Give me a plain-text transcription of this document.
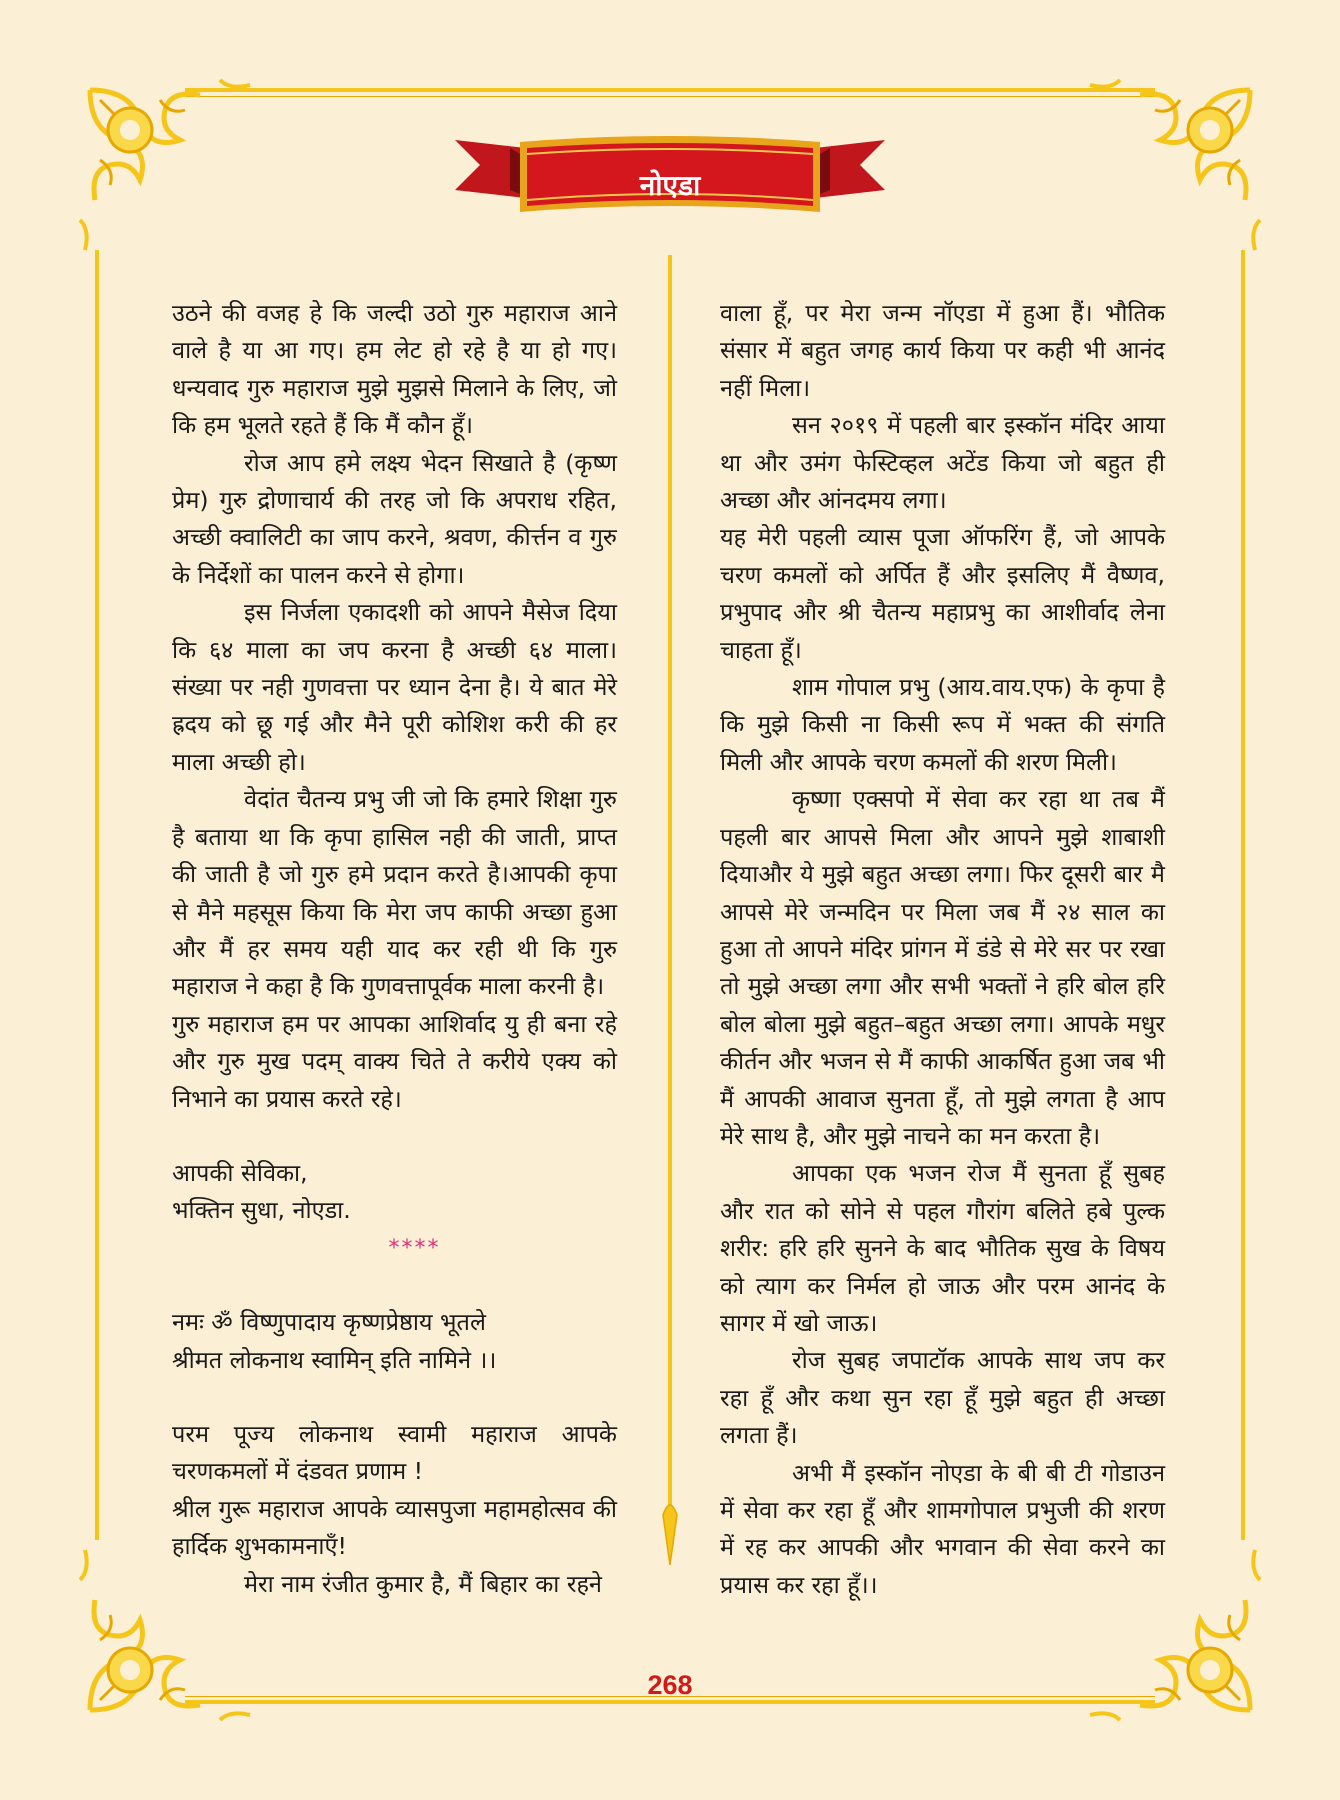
नोएडा

उठने की वजह हे कि जल्दी उठो गुरु महाराज आने वाले है या आ गए। हम लेट हो रहे है या हो गए। धन्यवाद गुरु महाराज मुझे मुझसे मिलाने के लिए, जो कि हम भूलते रहते हैं कि मैं कौन हूँ।

रोज आप हमे लक्ष्य भेदन सिखाते है (कृष्ण प्रेम) गुरु द्रोणाचार्य की तरह जो कि अपराध रहित, अच्छी क्वालिटी का जाप करने, श्रवण, कीर्त्तन व गुरु के निर्देशों का पालन करने से होगा।

इस निर्जला एकादशी को आपने मैसेज दिया कि ६४ माला का जप करना है अच्छी ६४ माला। संख्या पर नही गुणवत्ता पर ध्यान देना है। ये बात मेरे ह्रदय को छू गई और मैने पूरी कोशिश करी की हर माला अच्छी हो।

वेदांत चैतन्य प्रभु जी जो कि हमारे शिक्षा गुरु है बताया था कि कृपा हासिल नही की जाती, प्राप्त की जाती है जो गुरु हमे प्रदान करते है।आपकी कृपा से मैने महसूस किया कि मेरा जप काफी अच्छा हुआ और मैं हर समय यही याद कर रही थी कि गुरु महाराज ने कहा है कि गुणवत्तापूर्वक माला करनी है।

गुरु महाराज हम पर आपका आशिर्वाद यु ही बना रहे और गुरु मुख पदम् वाक्य चिते ते करीये एक्य को निभाने का प्रयास करते रहे।

आपकी सेविका,

भक्तिन सुधा, नोएडा.

****

नमः ॐ विष्णुपादाय कृष्णप्रेष्ठाय भूतले

श्रीमत लोकनाथ स्वामिन् इति नामिने ।।

परम पूज्य लोकनाथ स्वामी महाराज आपके चरणकमलों में दंडवत प्रणाम !

श्रील गुरू महाराज आपके व्यासपुजा महामहोत्सव की हार्दिक शुभकामनाएँ!

मेरा नाम रंजीत कुमार है, मैं बिहार का रहने

वाला हूँ, पर मेरा जन्म नॉएडा में हुआ हैं। भौतिक संसार में बहुत जगह कार्य किया पर कही भी आनंद नहीं मिला।

सन २०१९ में पहली बार इस्कॉन मंदिर आया था और उमंग फेस्टिव्हल अटेंड किया जो बहुत ही अच्छा और आंनदमय लगा।

यह मेरी पहली व्यास पूजा ऑफरिंग हैं, जो आपके चरण कमलों को अर्पित हैं और इसलिए मैं वैष्णव, प्रभुपाद और श्री चैतन्य महाप्रभु का आशीर्वाद लेना चाहता हूँ।

शाम गोपाल प्रभु (आय.वाय.एफ) के कृपा है कि मुझे किसी ना किसी रूप में भक्त की संगति मिली और आपके चरण कमलों की शरण मिली।

कृष्णा एक्सपो में सेवा कर रहा था तब मैं पहली बार आपसे मिला और आपने मुझे शाबाशी दियाऔर ये मुझे बहुत अच्छा लगा। फिर दूसरी बार मै आपसे मेरे जन्मदिन पर मिला जब मैं २४ साल का हुआ तो आपने मंदिर प्रांगन में डंडे से मेरे सर पर रखा तो मुझे अच्छा लगा और सभी भक्तों ने हरि बोल हरि बोल बोला मुझे बहुत–बहुत अच्छा लगा। आपके मधुर कीर्तन और भजन से मैं काफी आकर्षित हुआ जब भी मैं आपकी आवाज सुनता हूँ, तो मुझे लगता है आप मेरे साथ है, और मुझे नाचने का मन करता है।

आपका एक भजन रोज मैं सुनता हूँ सुबह और रात को सोने से पहल गौरांग बलिते हबे पुल्क शरीर: हरि हरि सुनने के बाद भौतिक सुख के विषय को त्याग कर निर्मल हो जाऊ और परम आनंद के सागर में खो जाऊ।

रोज सुबह जपाटॉक आपके साथ जप कर रहा हूँ और कथा सुन रहा हूँ मुझे बहुत ही अच्छा लगता हैं।

अभी मैं इस्कॉन नोएडा के बी बी टी गोडाउन में सेवा कर रहा हूँ और शामगोपाल प्रभुजी की शरण में रह कर आपकी और भगवान की सेवा करने का प्रयास कर रहा हूँ।।

268
